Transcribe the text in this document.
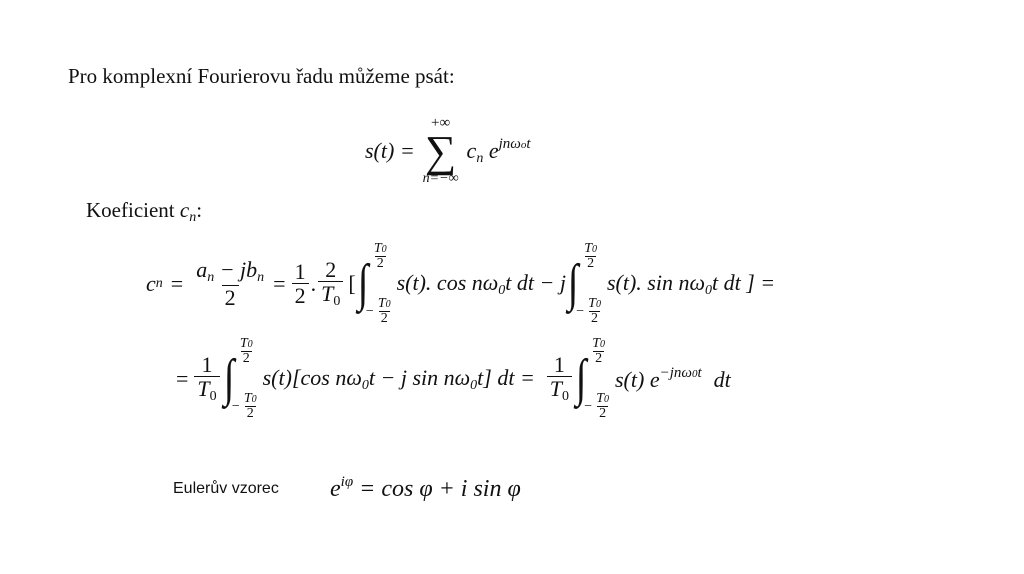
Pro komplexní Fourierovu řadu můžeme psát:
s(t) =
+∞
∑
n=−∞
$c_n$ $e^{jn\omega ot}$
Koeficient $c_n$:
c $n = \frac{a_n - jb_n}{2} = \frac{1}{2}$ . $\frac{2}{T_0}$ [ ∫ $\frac{T0}{2}$
− $\frac{T0}{2}$
s(t). $\cos n\omega_0t$ dt − j ∫ $\frac{T0}{2}$
− $\frac{T0}{2}$
s(t). $\sin n\omega_0t$ dt ] =
= $\frac{1}{T_0}$ ∫ $\frac{T0}{2}$
− $\frac{T0}{2}$
s(t)[cos $n\omega_0t - j$ $\sin n\omega_0t$] dt = $\frac{1}{T_0}$ ∫ $\frac{T0}{2}$
− $\frac{T0}{2}$
s(t) $e^{-jn\omega 0t}$ dt
Eulerův vzorec $e^{i\varphi} = \cos \varphi + i$ sin φ
